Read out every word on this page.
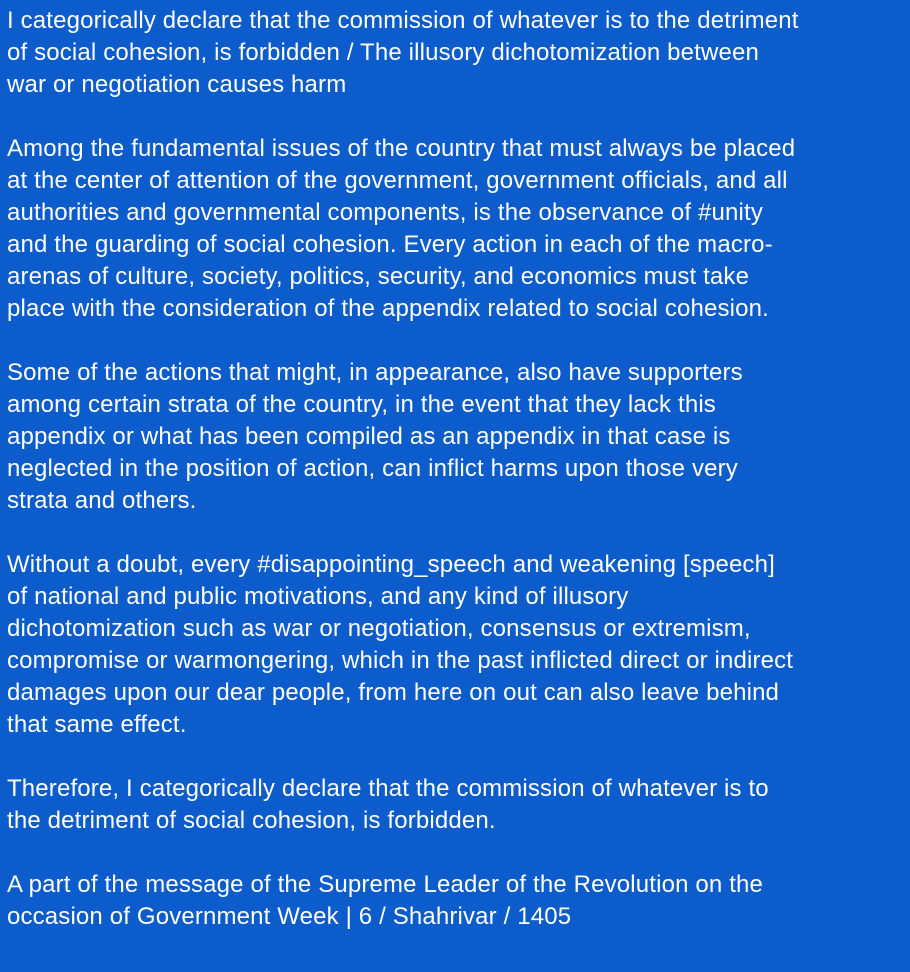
I categorically declare that the commission of whatever is to the detriment
of social cohesion, is forbidden / The illusory dichotomization between
war or negotiation causes harm

Among the fundamental issues of the country that must always be placed
at the center of attention of the government, government officials, and all
authorities and governmental components, is the observance of #unity
and the guarding of social cohesion. Every action in each of the macro-
arenas of culture, society, politics, security, and economics must take
place with the consideration of the appendix related to social cohesion.

Some of the actions that might, in appearance, also have supporters
among certain strata of the country, in the event that they lack this
appendix or what has been compiled as an appendix in that case is
neglected in the position of action, can inflict harms upon those very
strata and others.

Without a doubt, every #disappointing_speech and weakening [speech]
of national and public motivations, and any kind of illusory
dichotomization such as war or negotiation, consensus or extremism,
compromise or warmongering, which in the past inflicted direct or indirect
damages upon our dear people, from here on out can also leave behind
that same effect.

Therefore, I categorically declare that the commission of whatever is to
the detriment of social cohesion, is forbidden.

A part of the message of the Supreme Leader of the Revolution on the
occasion of Government Week | 6 / Shahrivar / 1405
